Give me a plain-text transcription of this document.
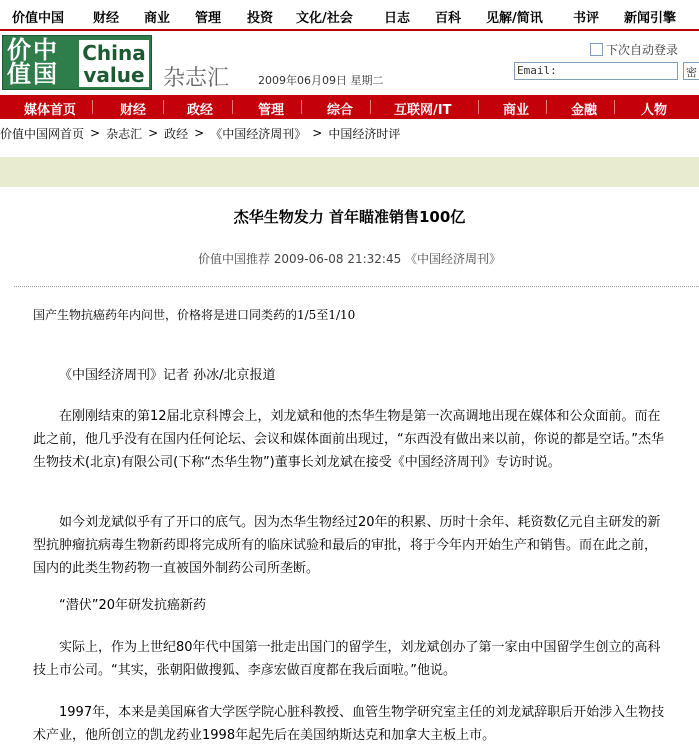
价值中国 财经 商业 管理 投资 文化/社会 日志 百科 见解/简讯 书评 新闻引擎
价中值国
China value 杂志汇	2009年06月09日 星期二
下次自动登录
Email:	密
媒体首页	财经	政经	管理	综合	互联网/IT	商业	金融	人物
价值中国网首页 > 杂志汇 > 政经 > 《中国经济周刊》 > 中国经济时评
杰华生物发力 首年瞄准销售100亿
价值中国推荐 2009-06-08 21:32:45 《中国经济周刊》
国产生物抗癌药年内问世，价格将是进口同类药的1/5至1/10
《中国经济周刊》记者 孙冰/北京报道
在刚刚结束的第12届北京科博会上，刘龙斌和他的杰华生物是第一次高调地出现在媒体和公众面前。而在此之前，他几乎没有在国内任何论坛、会议和媒体面前出现过，“东西没有做出来以前，你说的都是空话。”杰华生物技术(北京)有限公司(下称“杰华生物”)董事长刘龙斌在接受《中国经济周刊》专访时说。
如今刘龙斌似乎有了开口的底气。因为杰华生物经过20年的积累、历时十余年、耗资数亿元自主研发的新型抗肿瘤抗病毒生物新药即将完成所有的临床试验和最后的审批，将于今年内开始生产和销售。而在此之前，国内的此类生物药物一直被国外制药公司所垄断。
“潜伏”20年研发抗癌新药
实际上，作为上世纪80年代中国第一批走出国门的留学生，刘龙斌创办了第一家由中国留学生创立的高科技上市公司。“其实，张朝阳做搜狐、李彦宏做百度都在我后面啦。”他说。
1997年，本来是美国麻省大学医学院心脏科教授、血管生物学研究室主任的刘龙斌辞职后开始涉入生物技术产业，他所创立的凯龙药业1998年起先后在美国纳斯达克和加拿大主板上市。
